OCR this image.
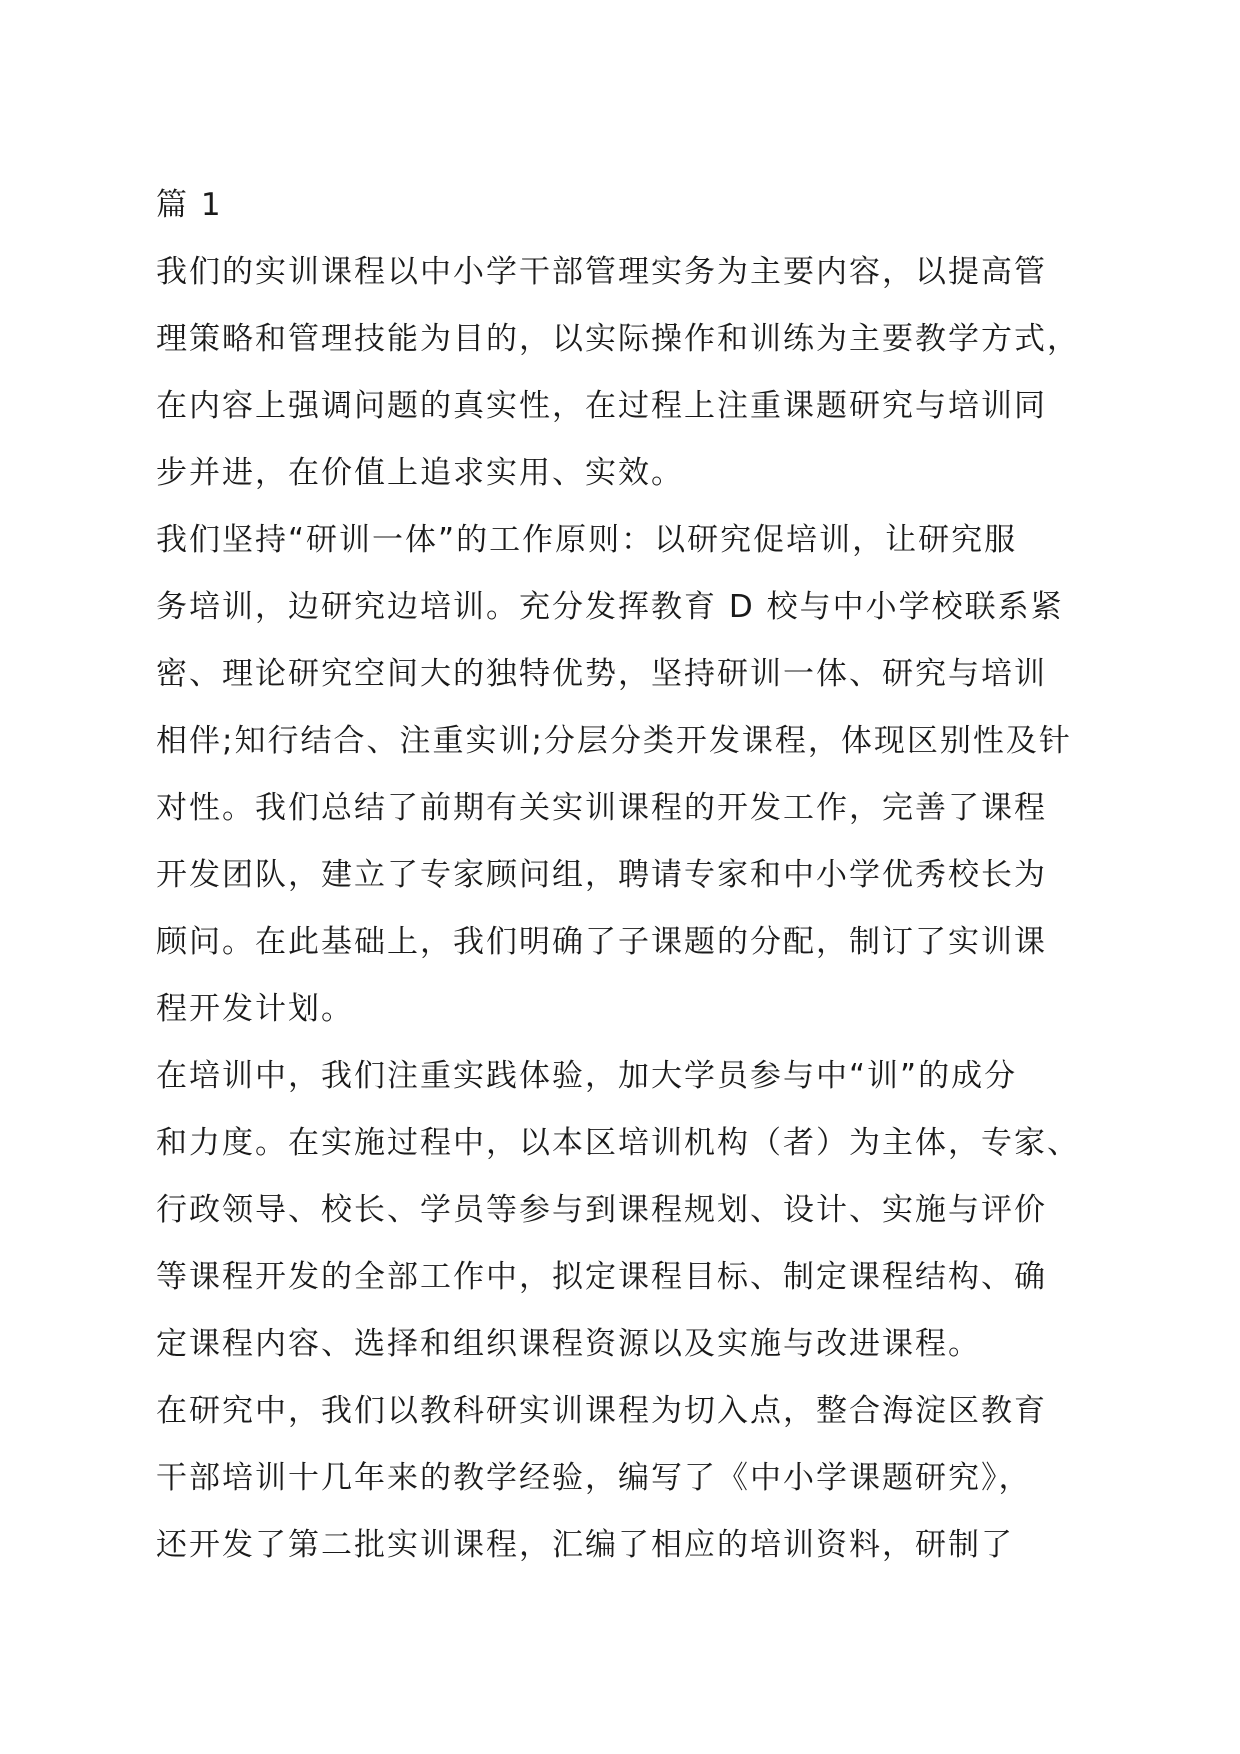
篇 1
我们的实训课程以中小学干部管理实务为主要内容，以提高管
理策略和管理技能为目的，以实际操作和训练为主要教学方式，
在内容上强调问题的真实性，在过程上注重课题研究与培训同
步并进，在价值上追求实用、实效。
我们坚持“研训一体”的工作原则：以研究促培训，让研究服
务培训，边研究边培训。充分发挥教育 D 校与中小学校联系紧
密、理论研究空间大的独特优势，坚持研训一体、研究与培训
相伴;知行结合、注重实训;分层分类开发课程，体现区别性及针
对性。我们总结了前期有关实训课程的开发工作，完善了课程
开发团队，建立了专家顾问组，聘请专家和中小学优秀校长为
顾问。在此基础上，我们明确了子课题的分配，制订了实训课
程开发计划。
在培训中，我们注重实践体验，加大学员参与中“训”的成分
和力度。在实施过程中，以本区培训机构（者）为主体，专家、
行政领导、校长、学员等参与到课程规划、设计、实施与评价
等课程开发的全部工作中，拟定课程目标、制定课程结构、确
定课程内容、选择和组织课程资源以及实施与改进课程。
在研究中，我们以教科研实训课程为切入点，整合海淀区教育
干部培训十几年来的教学经验，编写了《中小学课题研究》，
还开发了第二批实训课程，汇编了相应的培训资料，研制了
